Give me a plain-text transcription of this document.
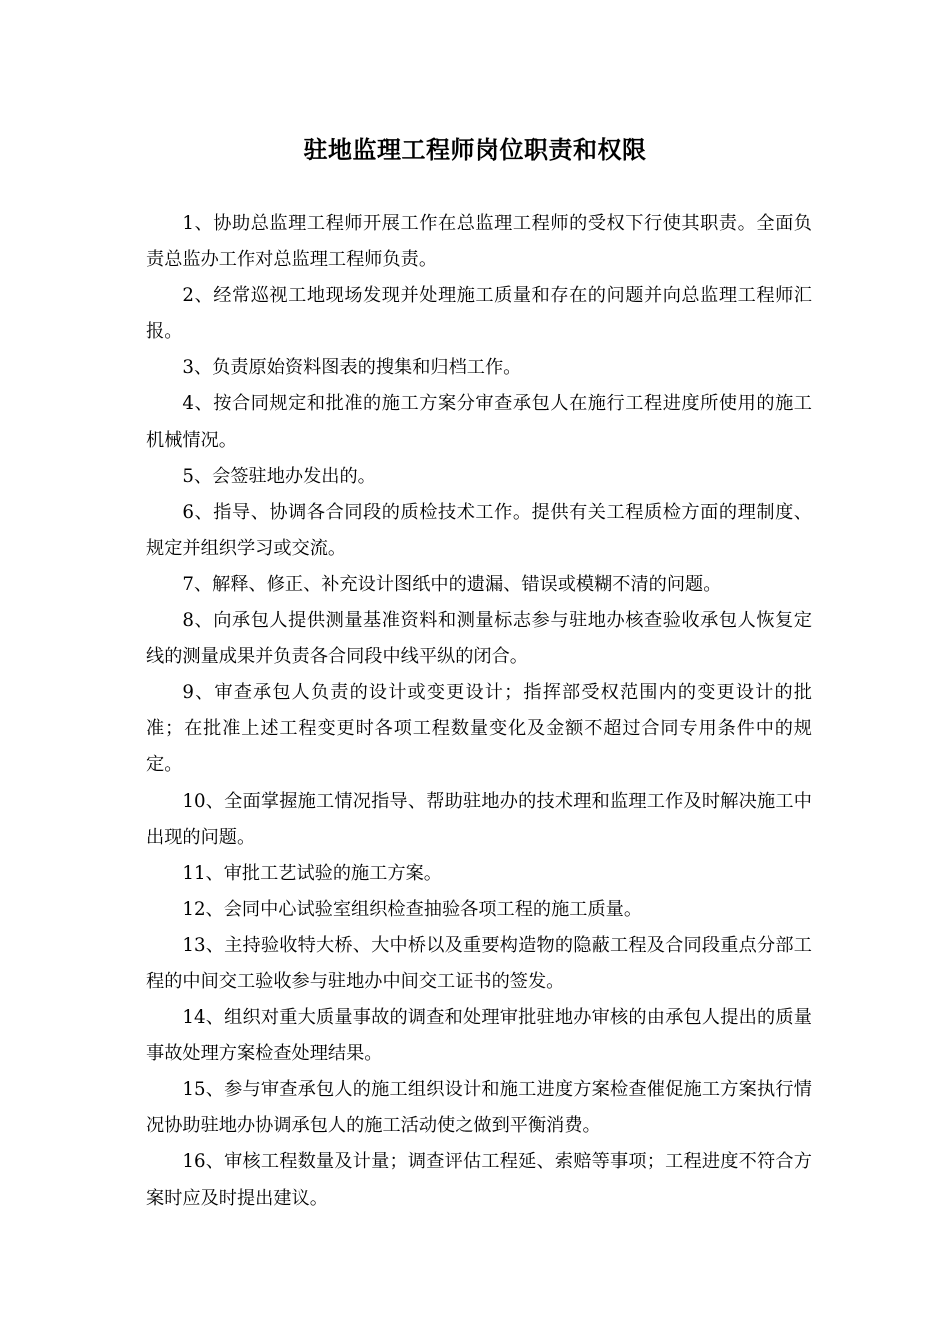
驻地监理工程师岗位职责和权限

1、协助总监理工程师开展工作在总监理工程师的受权下行使其职责。全面负责总监办工作对总监理工程师负责。

2、经常巡视工地现场发现并处理施工质量和存在的问题并向总监理工程师汇报。

3、负责原始资料图表的搜集和归档工作。

4、按合同规定和批准的施工方案分审查承包人在施行工程进度所使用的施工机械情况。

5、会签驻地办发出的。

6、指导、协调各合同段的质检技术工作。提供有关工程质检方面的理制度、规定并组织学习或交流。

7、解释、修正、补充设计图纸中的遗漏、错误或模糊不清的问题。

8、向承包人提供测量基准资料和测量标志参与驻地办核查验收承包人恢复定线的测量成果并负责各合同段中线平纵的闭合。

9、审查承包人负责的设计或变更设计；指挥部受权范围内的变更设计的批准；在批准上述工程变更时各项工程数量变化及金额不超过合同专用条件中的规定。

10、全面掌握施工情况指导、帮助驻地办的技术理和监理工作及时解决施工中出现的问题。

11、审批工艺试验的施工方案。

12、会同中心试验室组织检查抽验各项工程的施工质量。

13、主持验收特大桥、大中桥以及重要构造物的隐蔽工程及合同段重点分部工程的中间交工验收参与驻地办中间交工证书的签发。

14、组织对重大质量事故的调查和处理审批驻地办审核的由承包人提出的质量事故处理方案检查处理结果。

15、参与审查承包人的施工组织设计和施工进度方案检查催促施工方案执行情况协助驻地办协调承包人的施工活动使之做到平衡消费。

16、审核工程数量及计量；调查评估工程延、索赔等事项；工程进度不符合方案时应及时提出建议。
